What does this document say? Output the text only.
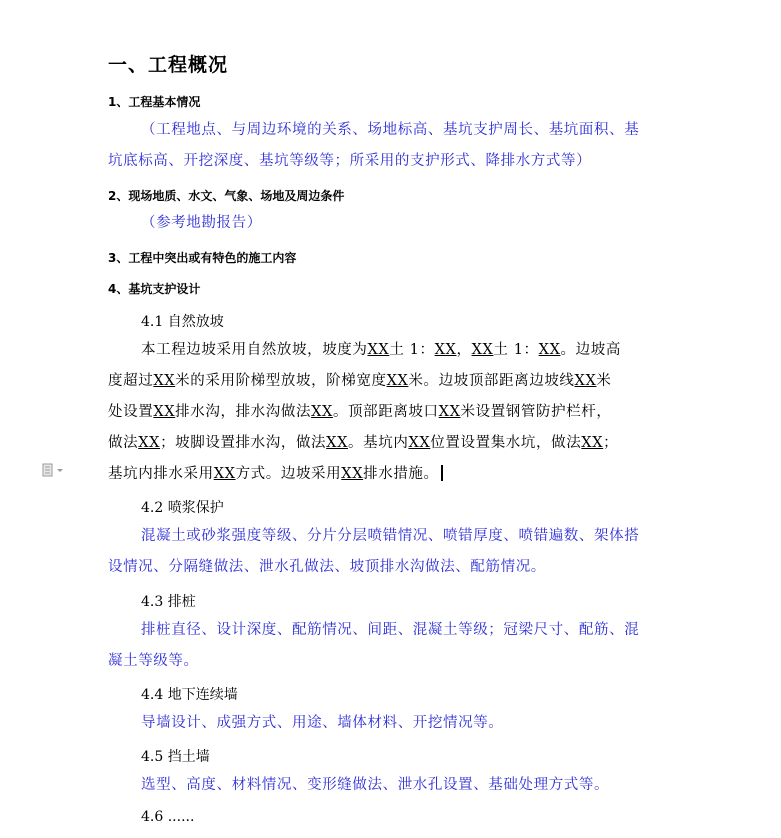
一、工程概况
1、工程基本情况
（工程地点、与周边环境的关系、场地标高、基坑支护周长、基坑面积、基
坑底标高、开挖深度、基坑等级等；所采用的支护形式、降排水方式等）
2、现场地质、水文、气象、场地及周边条件
（参考地勘报告）
3、工程中突出或有特色的施工内容
4、基坑支护设计
4.1 自然放坡
本工程边坡采用自然放坡，坡度为XX土 1：XX，XX土 1：XX。边坡高
度超过XX米的采用阶梯型放坡，阶梯宽度XX米。边坡顶部距离边坡线XX米
处设置XX排水沟，排水沟做法XX。顶部距离坡口XX米设置钢管防护栏杆，
做法XX；坡脚设置排水沟，做法XX。基坑内XX位置设置集水坑，做法XX；
基坑内排水采用XX方式。边坡采用XX排水措施。
4.2 喷浆保护
混凝土或砂浆强度等级、分片分层喷错情况、喷错厚度、喷错遍数、架体搭
设情况、分隔缝做法、泄水孔做法、坡顶排水沟做法、配筋情况。
4.3 排桩
排桩直径、设计深度、配筋情况、间距、混凝土等级；冠梁尺寸、配筋、混
凝土等级等。
4.4 地下连续墙
导墙设计、成强方式、用途、墙体材料、开挖情况等。
4.5 挡土墙
选型、高度、材料情况、变形缝做法、泄水孔设置、基础处理方式等。
4.6 ......
